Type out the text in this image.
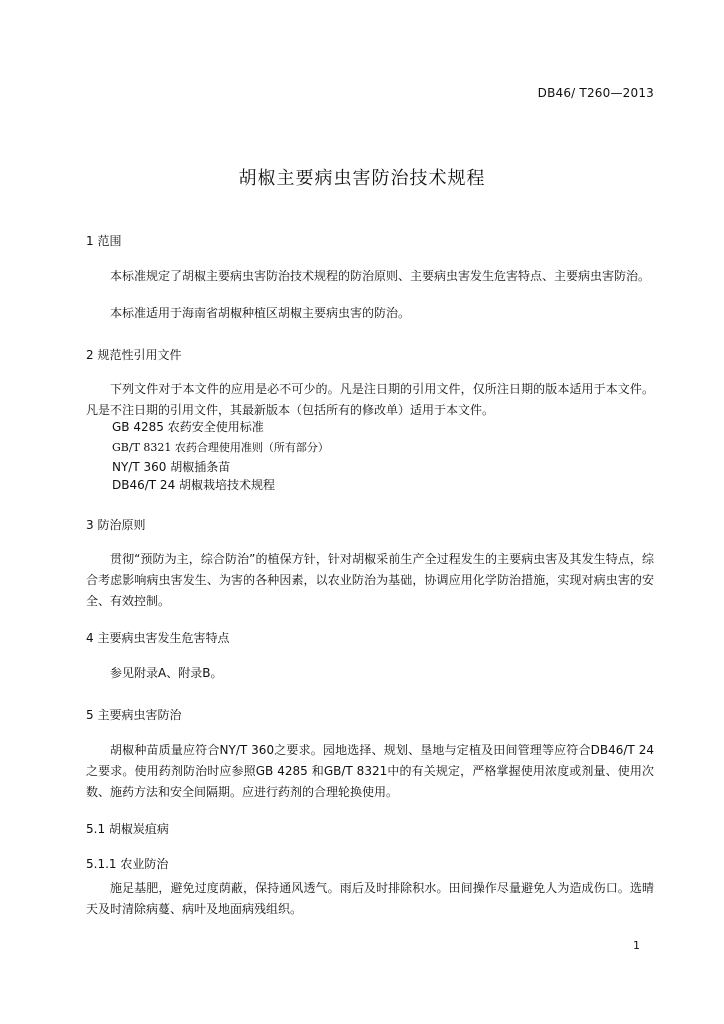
DB46/ T260—2013
胡椒主要病虫害防治技术规程
1 范围

本标准规定了胡椒主要病虫害防治技术规程的防治原则、主要病虫害发生危害特点、主要病虫害防治。

本标准适用于海南省胡椒种植区胡椒主要病虫害的防治。

2 规范性引用文件

下列文件对于本文件的应用是必不可少的。凡是注日期的引用文件，仅所注日期的版本适用于本文件。凡是不注日期的引用文件，其最新版本（包括所有的修改单）适用于本文件。

GB 4285 农药安全使用标准
GB/T 8321 农药合理使用准则（所有部分）
NY/T 360 胡椒插条苗
DB46/T 24 胡椒栽培技术规程
3 防治原则

贯彻“预防为主，综合防治”的植保方针，针对胡椒采前生产全过程发生的主要病虫害及其发生特点，综合考虑影响病虫害发生、为害的各种因素，以农业防治为基础，协调应用化学防治措施，实现对病虫害的安全、有效控制。

4 主要病虫害发生危害特点

参见附录A、附录B。

5 主要病虫害防治

胡椒种苗质量应符合NY/T 360之要求。园地选择、规划、垦地与定植及田间管理等应符合DB46/T 24之要求。使用药剂防治时应参照GB 4285 和GB/T 8321中的有关规定，严格掌握使用浓度或剂量、使用次数、施药方法和安全间隔期。应进行药剂的合理轮换使用。

5.1 胡椒炭疽病
5.1.1 农业防治

施足基肥，避免过度荫蔽，保持通风透气。雨后及时排除积水。田间操作尽量避免人为造成伤口。选晴天及时清除病蔓、病叶及地面病残组织。

1
